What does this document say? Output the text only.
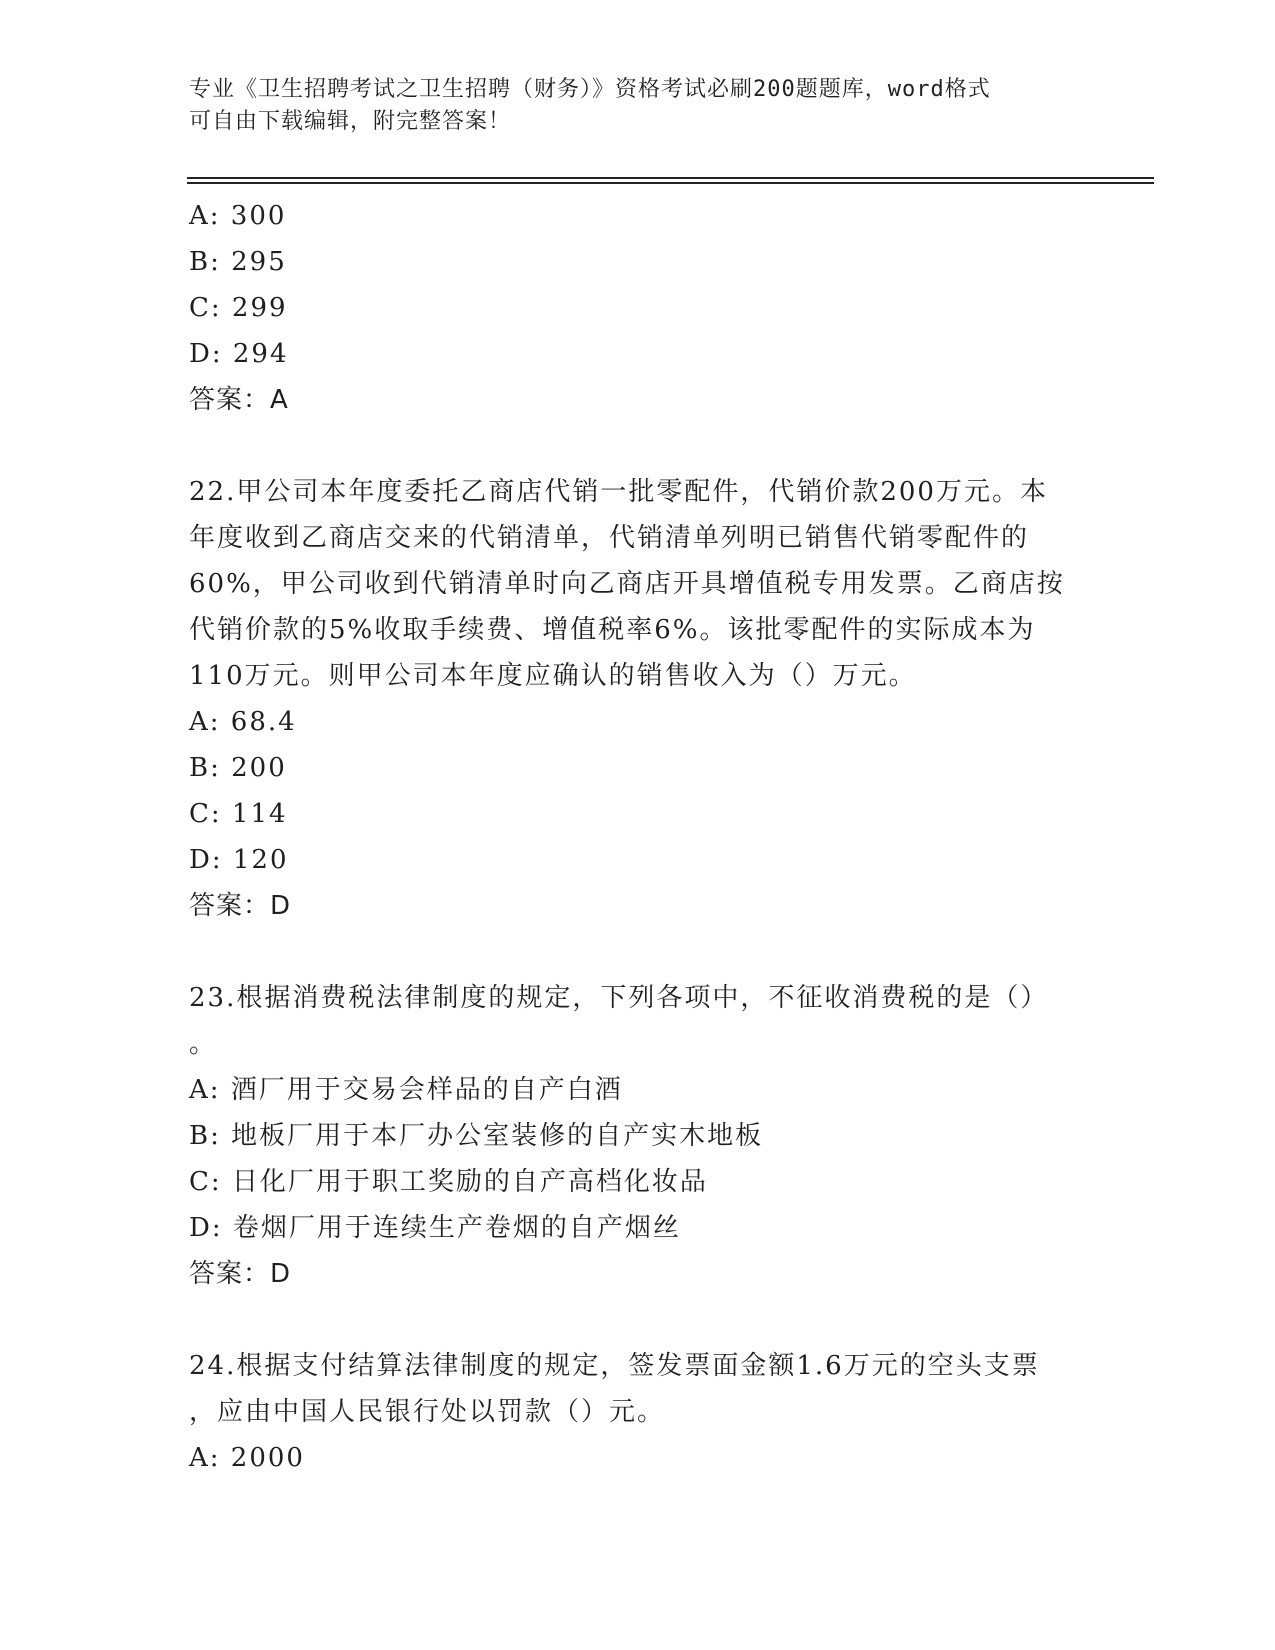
专业《卫生招聘考试之卫生招聘（财务）》资格考试必刷200题题库，word格式
可自由下载编辑，附完整答案！
A: 300
B: 295
C: 299
D: 294
答案：A
22.甲公司本年度委托乙商店代销一批零配件，代销价款200万元。本
年度收到乙商店交来的代销清单，代销清单列明已销售代销零配件的
60%，甲公司收到代销清单时向乙商店开具增值税专用发票。乙商店按
代销价款的5%收取手续费、增值税率6%。该批零配件的实际成本为
110万元。则甲公司本年度应确认的销售收入为（）万元。
A: 68.4
B: 200
C: 114
D: 120
答案：D
23.根据消费税法律制度的规定，下列各项中，不征收消费税的是（）
。
A: 酒厂用于交易会样品的自产白酒
B: 地板厂用于本厂办公室装修的自产实木地板
C: 日化厂用于职工奖励的自产高档化妆品
D: 卷烟厂用于连续生产卷烟的自产烟丝
答案：D
24.根据支付结算法律制度的规定，签发票面金额1.6万元的空头支票
，应由中国人民银行处以罚款（）元。
A: 2000
